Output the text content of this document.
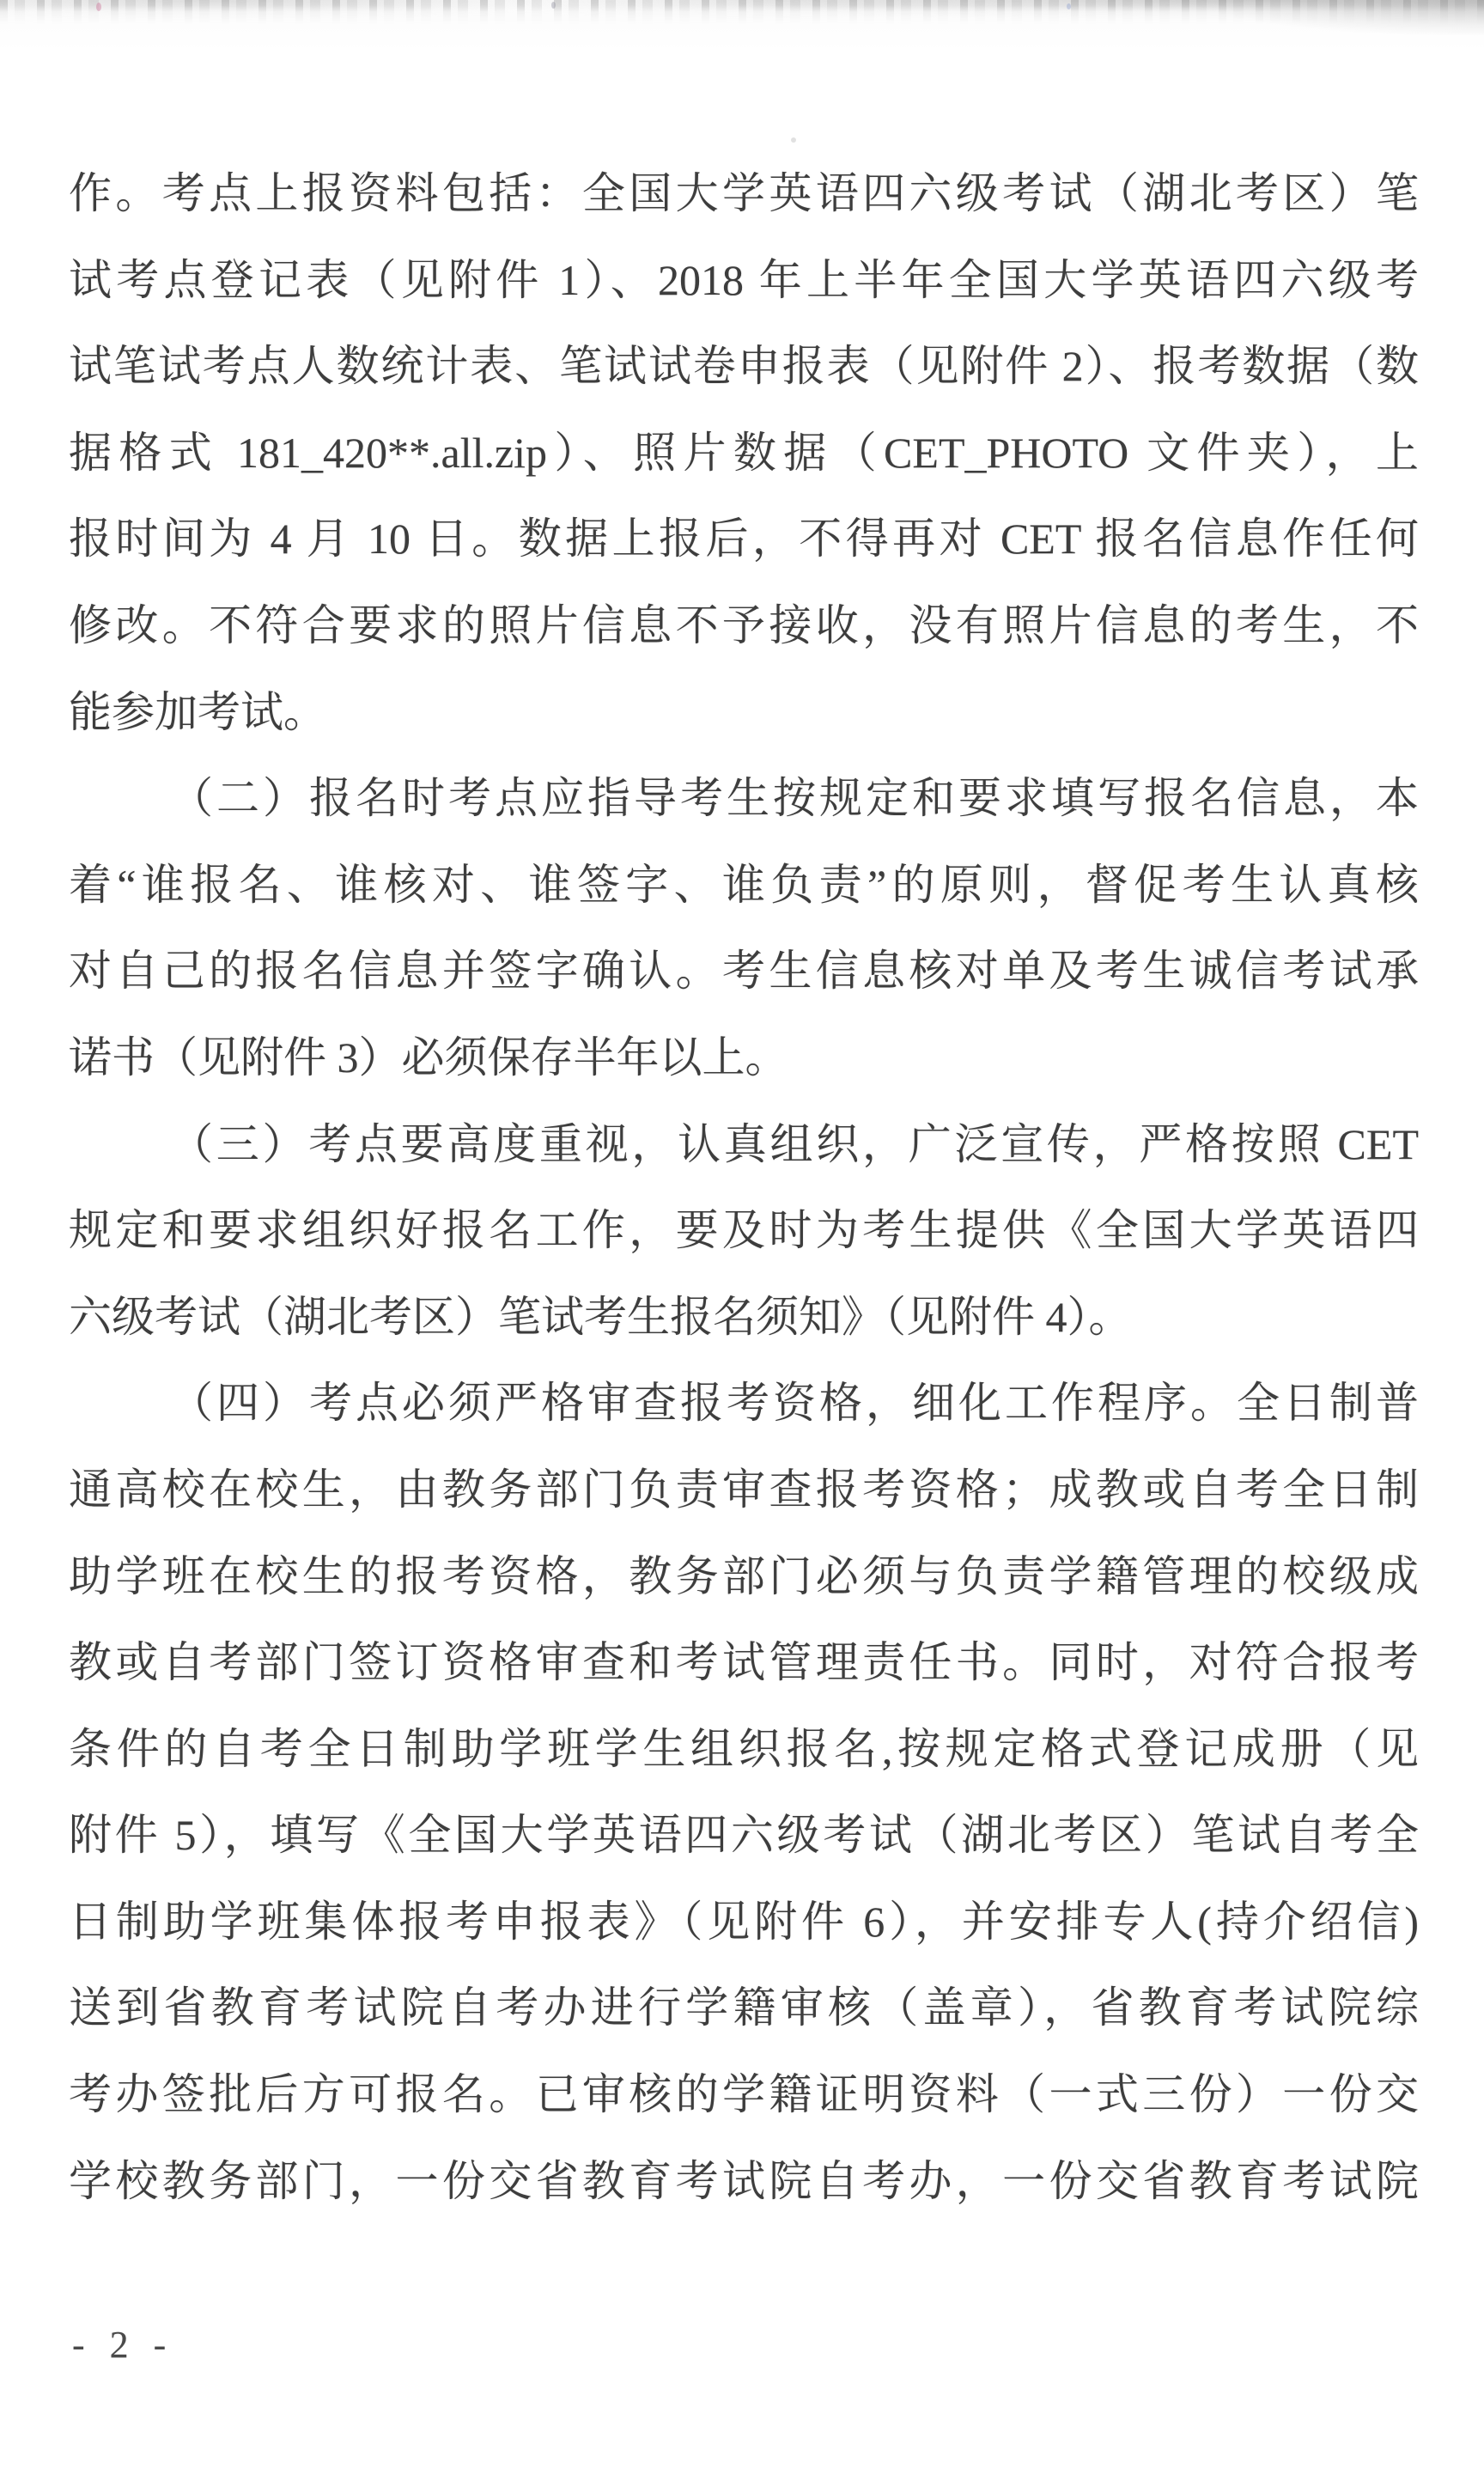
作。考点上报资料包括：全国大学英语四六级考试（湖北考区）笔
试考点登记表（见附件 1）、2018 年上半年全国大学英语四六级考
试笔试考点人数统计表、笔试试卷申报表（见附件 2）、报考数据（数
据格式 181_420**.all.zip）、照片数据（CET_PHOTO 文件夹），上
报时间为 4 月 10 日。数据上报后，不得再对 CET 报名信息作任何
修改。不符合要求的照片信息不予接收，没有照片信息的考生，不
能参加考试。
（二）报名时考点应指导考生按规定和要求填写报名信息，本
着“谁报名、谁核对、谁签字、谁负责”的原则，督促考生认真核
对自己的报名信息并签字确认。考生信息核对单及考生诚信考试承
诺书（见附件 3）必须保存半年以上。
（三）考点要高度重视，认真组织，广泛宣传，严格按照 CET
规定和要求组织好报名工作，要及时为考生提供《全国大学英语四
六级考试（湖北考区）笔试考生报名须知》（见附件 4）。
（四）考点必须严格审查报考资格，细化工作程序。全日制普
通高校在校生，由教务部门负责审查报考资格；成教或自考全日制
助学班在校生的报考资格，教务部门必须与负责学籍管理的校级成
教或自考部门签订资格审查和考试管理责任书。同时，对符合报考
条件的自考全日制助学班学生组织报名,按规定格式登记成册（见
附件 5），填写《全国大学英语四六级考试（湖北考区）笔试自考全
日制助学班集体报考申报表》（见附件 6），并安排专人(持介绍信)
送到省教育考试院自考办进行学籍审核（盖章），省教育考试院综
考办签批后方可报名。已审核的学籍证明资料（一式三份）一份交
学校教务部门，一份交省教育考试院自考办，一份交省教育考试院
- 2 -
